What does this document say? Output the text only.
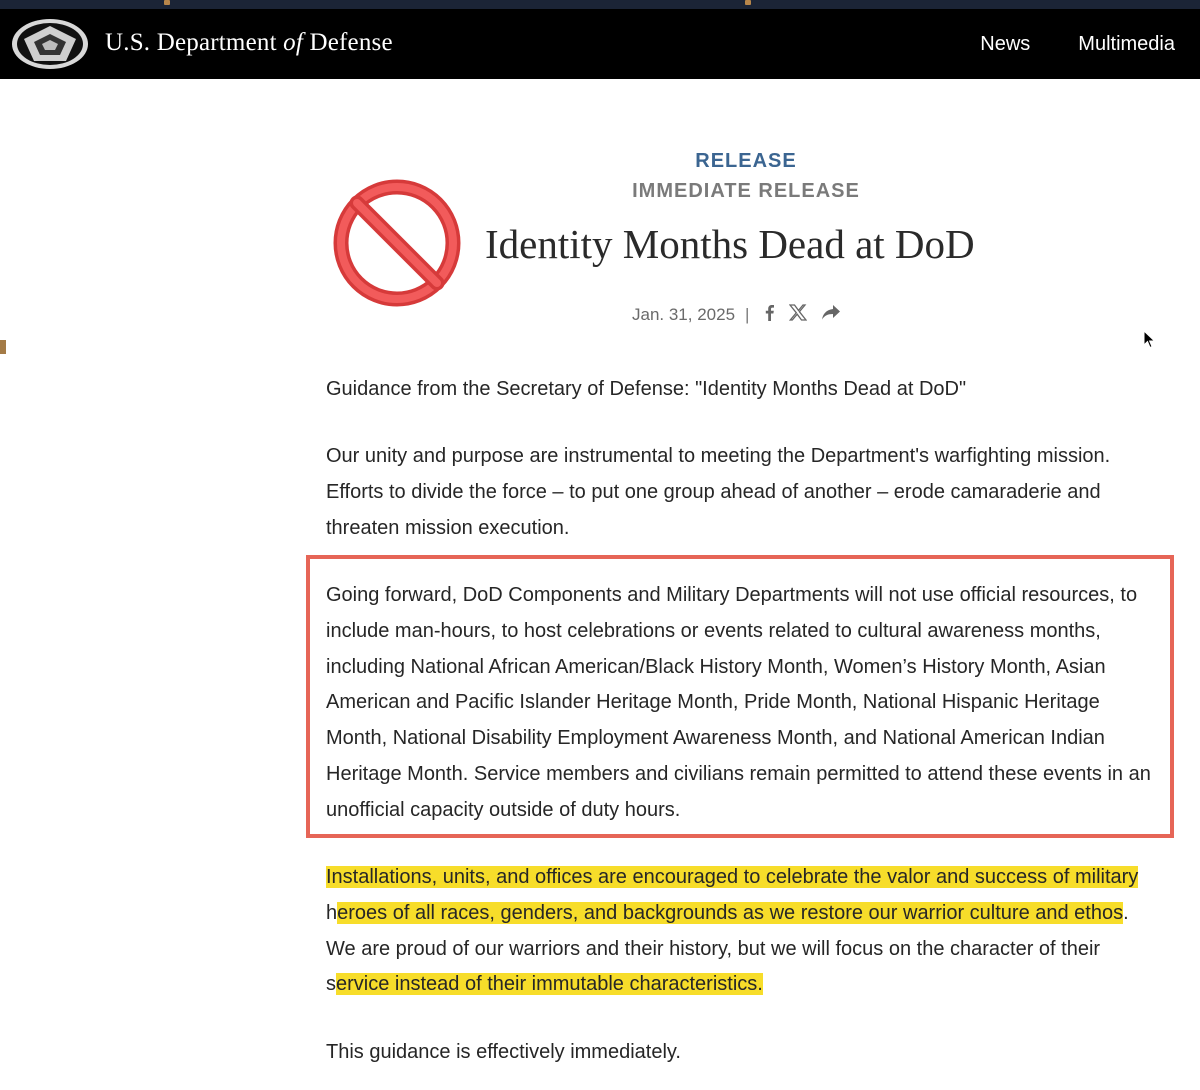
U.S. Department of Defense	News Multimedia
RELEASE
IMMEDIATE RELEASE
Identity Months Dead at DoD
Jan. 31, 2025 |
Guidance from the Secretary of Defense: "Identity Months Dead at DoD"
Our unity and purpose are instrumental to meeting the Department's warfighting mission. Efforts to divide the force – to put one group ahead of another – erode camaraderie and threaten mission execution.
Going forward, DoD Components and Military Departments will not use official resources, to include man-hours, to host celebrations or events related to cultural awareness months, including National African American/Black History Month, Women’s History Month, Asian American and Pacific Islander Heritage Month, Pride Month, National Hispanic Heritage Month, National Disability Employment Awareness Month, and National American Indian Heritage Month. Service members and civilians remain permitted to attend these events in an unofficial capacity outside of duty hours.
Installations, units, and offices are encouraged to celebrate the valor and success of military
heroes of all races, genders, and backgrounds as we restore our warrior culture and ethos.
We are proud of our warriors and their history, but we will focus on the character of their
service instead of their immutable characteristics.
This guidance is effectively immediately.
